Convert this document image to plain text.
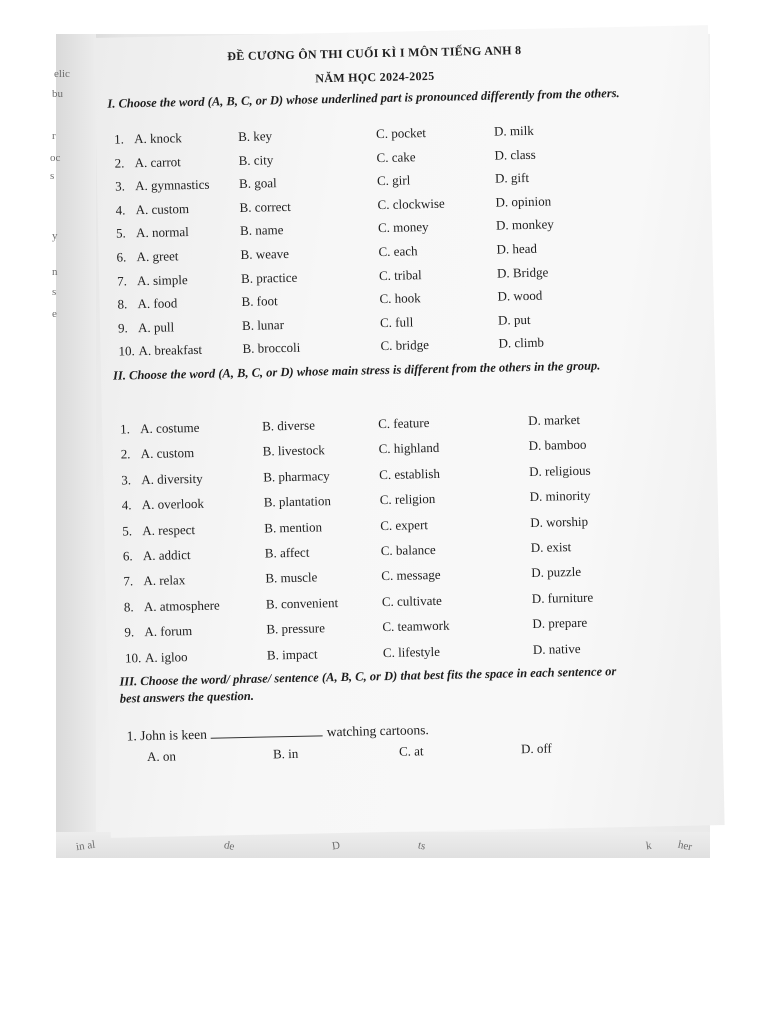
ĐỀ CƯƠNG ÔN THI CUỐI KÌ I MÔN TIẾNG ANH 8
NĂM HỌC 2024-2025
I. Choose the word (A, B, C, or D) whose underlined part is pronounced differently from the others.
1. A. knock	B. key	C. pocket	D. milk
2. A. carrot	B. city	C. cake	D. class
3. A. gymnastics B. goal	C. girl	D. gift
4. A. custom	B. correct	C. clockwise	D. opinion
5. A. normal	B. name	C. money	D. monkey
6. A. greet	B. weave	C. each	D. head
7. A. simple	B. practice	C. tribal	D. Bridge
8. A. food	B. foot	C. hook	D. wood
9. A. pull	B. lunar	C. full	D. put
10. A. breakfast	B. broccoli	C. bridge	D. climb
II. Choose the word (A, B, C, or D) whose main stress is different from the others in the group.
1. A. costume	B. diverse	C. feature	D. market
2. A. custom	B. livestock	C. highland	D. bamboo
3. A. diversity	B. pharmacy	C. establish	D. religious
4. A. overlook	B. plantation	C. religion	D. minority
5. A. respect	B. mention	C. expert	D. worship
6. A. addict	B. affect	C. balance	D. exist
7. A. relax	B. muscle	C. message	D. puzzle
8. A. atmosphere	B. convenient	C. cultivate	D. furniture
9. A. forum	B. pressure	C. teamwork	D. prepare
10. A. igloo	B. impact	C. lifestyle	D. native
III. Choose the word/ phrase/ sentence (A, B, C, or D) that best fits the space in each sentence or best answers the question.
1. John is keen	watching cartoons.
A. on	B. in	C. at	D. off
elic
bu
r
oc
s
y
n
s
e
in al	de	D	ts	k her
